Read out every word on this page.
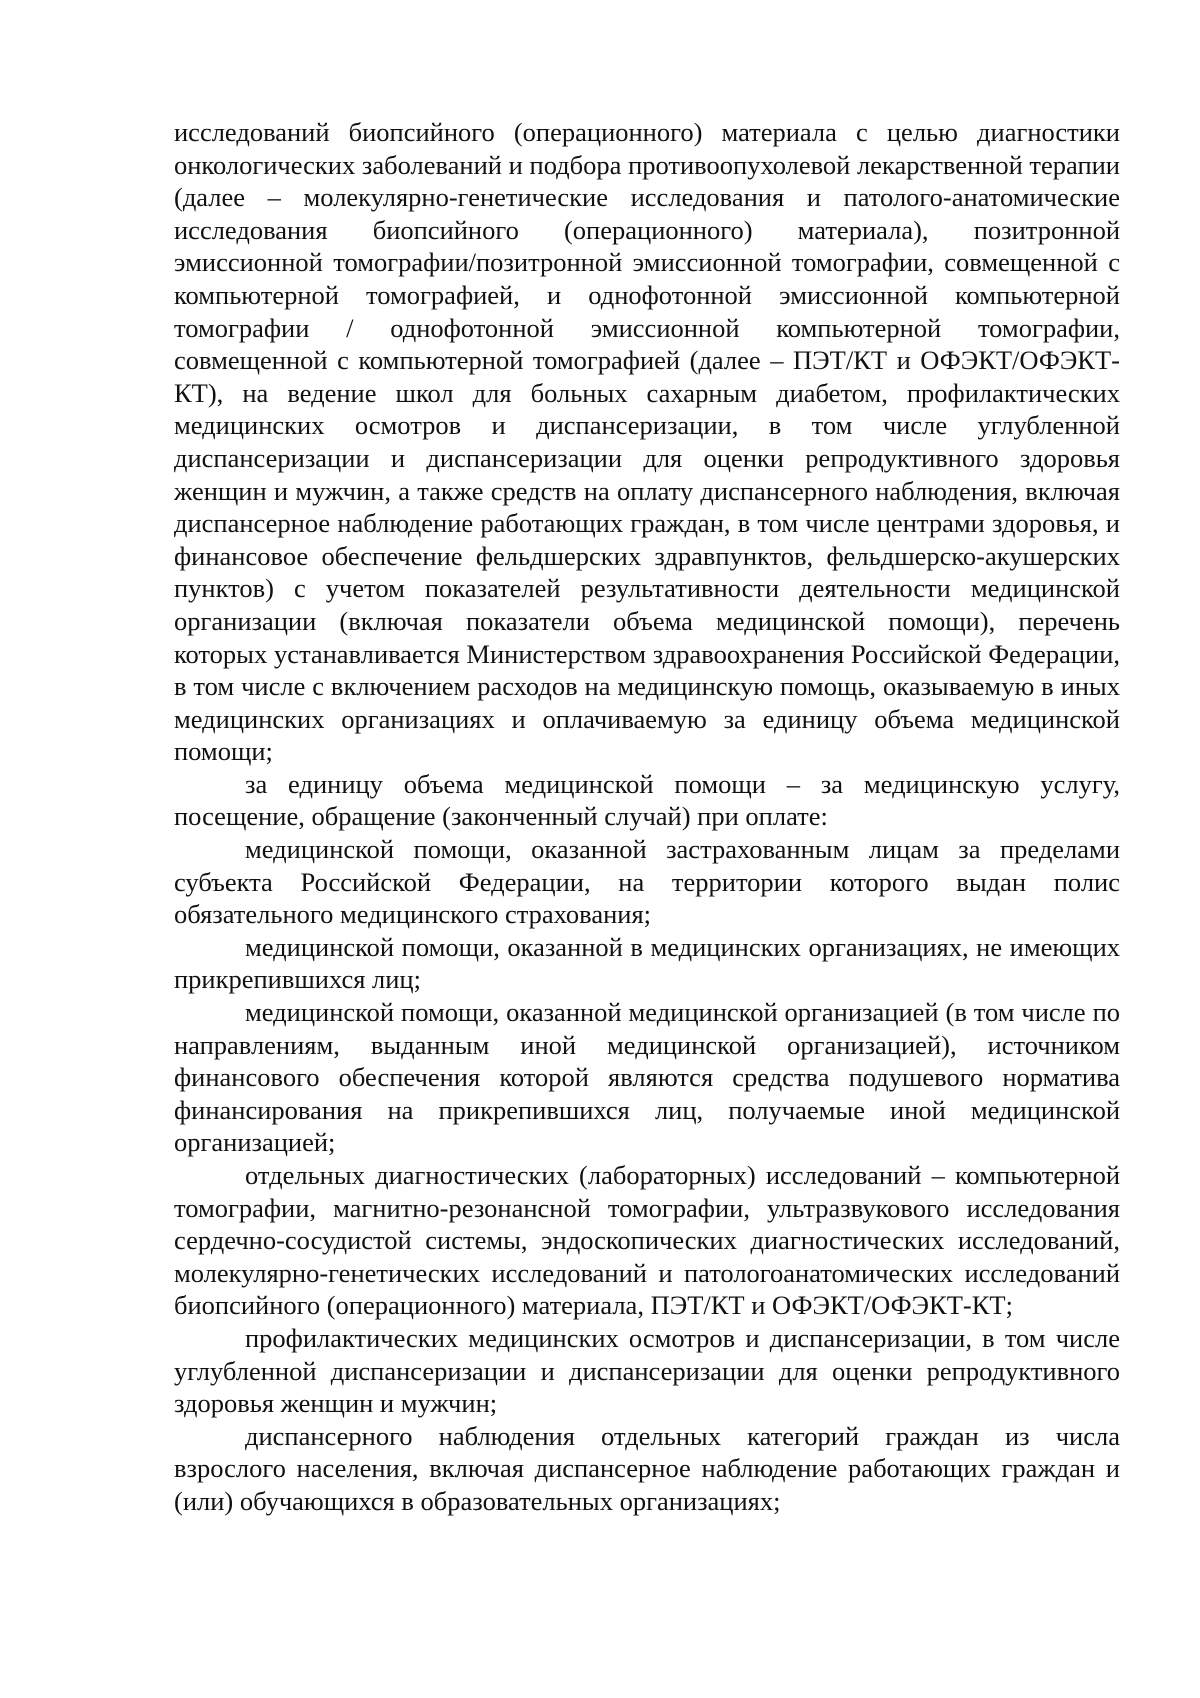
исследований биопсийного (операционного) материала с целью диагностики онкологических заболеваний и подбора противоопухолевой лекарственной терапии (далее – молекулярно-генетические исследования и патолого-анатомические исследования биопсийного (операционного) материала), позитронной эмиссионной томографии/позитронной эмиссионной томографии, совмещенной с компьютерной томографией, и однофотонной эмиссионной компьютерной томографии / однофотонной эмиссионной компьютерной томографии, совмещенной с компьютерной томографией (далее – ПЭТ/КТ и ОФЭКТ/ОФЭКТ-КТ), на ведение школ для больных сахарным диабетом, профилактических медицинских осмотров и диспансеризации, в том числе углубленной диспансеризации и диспансеризации для оценки репродуктивного здоровья женщин и мужчин, а также средств на оплату диспансерного наблюдения, включая диспансерное наблюдение работающих граждан, в том числе центрами здоровья, и финансовое обеспечение фельдшерских здравпунктов, фельдшерско-акушерских пунктов) с учетом показателей результативности деятельности медицинской организации (включая показатели объема медицинской помощи), перечень которых устанавливается Министерством здравоохранения Российской Федерации, в том числе с включением расходов на медицинскую помощь, оказываемую в иных медицинских организациях и оплачиваемую за единицу объема медицинской помощи;

за единицу объема медицинской помощи – за медицинскую услугу, посещение, обращение (законченный случай) при оплате:

медицинской помощи, оказанной застрахованным лицам за пределами субъекта Российской Федерации, на территории которого выдан полис обязательного медицинского страхования;

медицинской помощи, оказанной в медицинских организациях, не имеющих прикрепившихся лиц;

медицинской помощи, оказанной медицинской организацией (в том числе по направлениям, выданным иной медицинской организацией), источником финансового обеспечения которой являются средства подушевого норматива финансирования на прикрепившихся лиц, получаемые иной медицинской организацией;

отдельных диагностических (лабораторных) исследований – компьютерной томографии, магнитно-резонансной томографии, ультразвукового исследования сердечно-сосудистой системы, эндоскопических диагностических исследований, молекулярно-генетических исследований и патологоанатомических исследований биопсийного (операционного) материала, ПЭТ/КТ и ОФЭКТ/ОФЭКТ-КТ;

профилактических медицинских осмотров и диспансеризации, в том числе углубленной диспансеризации и диспансеризации для оценки репродуктивного здоровья женщин и мужчин;

диспансерного наблюдения отдельных категорий граждан из числа взрослого населения, включая диспансерное наблюдение работающих граждан и (или) обучающихся в образовательных организациях;
